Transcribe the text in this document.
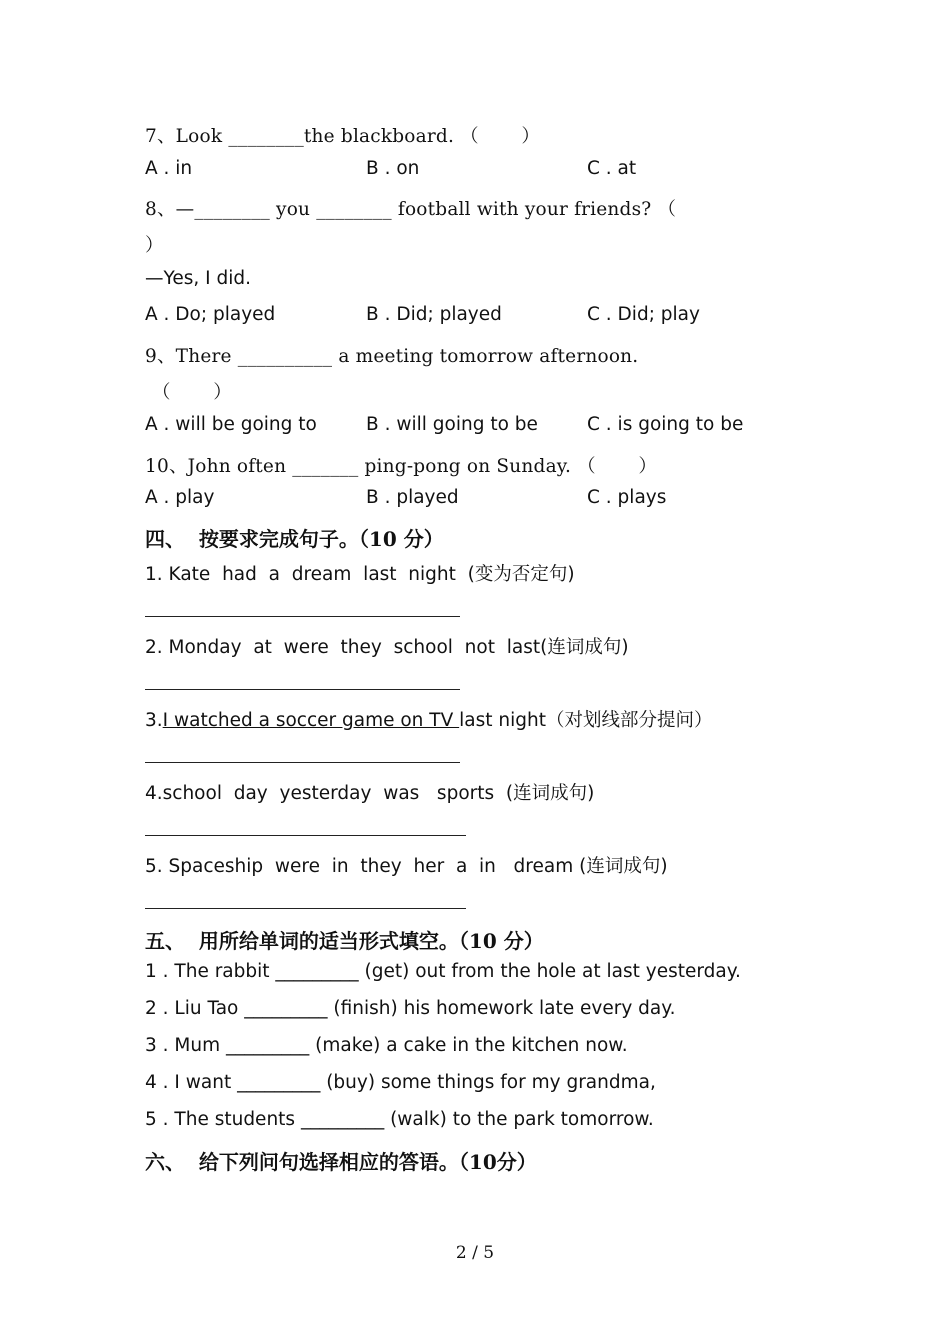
7、Look ________the blackboard. （       ）
A . in	B . on	C . at
8、—________ you ________ football with your friends? （
）
—Yes, I did.
A . Do; played	B . Did; played	C . Did; play
9、There __________ a meeting tomorrow afternoon.
（       ）
A . will be going to	B . will going to be	C . is going to be
10、John often _______ ping-pong on Sunday. （       ）
A . play	B . played	C . plays
四、  按要求完成句子。（10 分）
1. Kate  had  a  dream  last  night  (变为否定句)
2. Monday  at  were  they  school  not  last(连词成句)
3.I watched a soccer game on TV last night（对划线部分提问）
4.school  day  yesterday  was   sports  (连词成句)
5. Spaceship  were  in  they  her  a  in   dream (连词成句)
五、  用所给单词的适当形式填空。（10 分）
1 . The rabbit _________ (get) out from the hole at last yesterday.
2 . Liu Tao _________ (finish) his homework late every day.
3 . Mum _________ (make) a cake in the kitchen now.
4 . I want _________ (buy) some things for my grandma,
5 . The students _________ (walk) to the park tomorrow.
六、  给下列问句选择相应的答语。（10分）
2 / 5
